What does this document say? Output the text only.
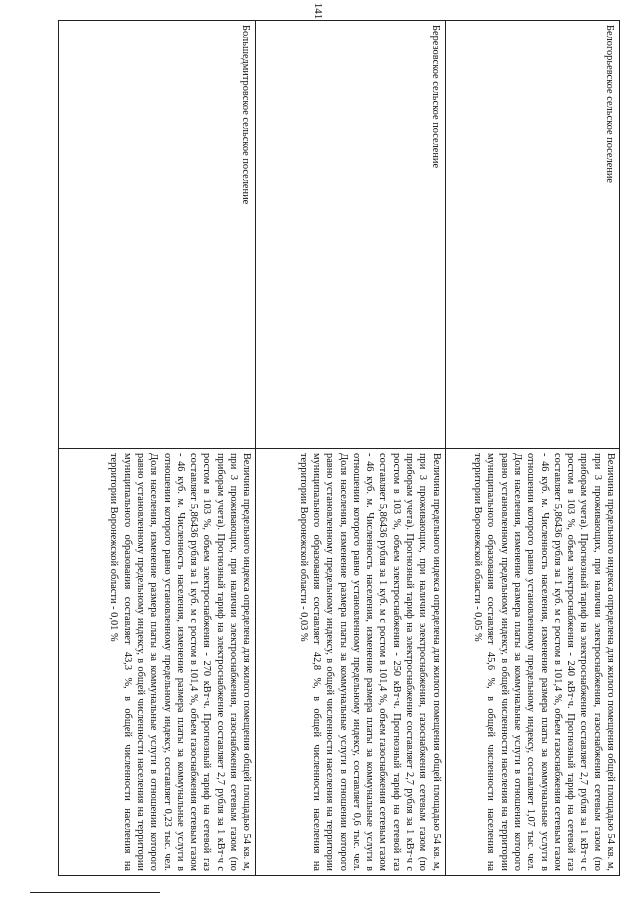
141
Белогорьевское сельское поселение
Величина предельного индекса определена для жилого помещения общей площадью 54 кв. м, при 3 проживающих, при наличии электроснабжения, газоснабжения сетевым газом (по приборам учета). Прогнозный тариф на электроснабжение составляет 2,7 рубля за 1 кВт·ч с ростом в 103 %, объем электроснабжения - 240 кВт·ч. Прогнозный тариф на сетевой газ составляет 5,86436 рубля за 1 куб. м с ростом в 101,4 %, объем газоснабжения сетевым газом - 46 куб. м. Численность населения, изменение размера платы за коммунальные услуги в отношении которого равно установленному предельному индексу, составляет 1,07 тыс. чел. Доля населения, изменение размера платы за коммунальные услуги в отношении которого равно установленному предельному индексу, в общей численности населения на территории муниципального образования составляет 45,6 %, в общей численности населения на территории Воронежской области - 0,05 %
Березовское сельское поселение
Величина предельного индекса определена для жилого помещения общей площадью 54 кв. м, при 3 проживающих, при наличии электроснабжения, газоснабжения сетевым газом (по приборам учета). Прогнозный тариф на электроснабжение составляет 2,7 рубля за 1 кВт·ч с ростом в 103 %, объем электроснабжения - 250 кВт·ч. Прогнозный тариф на сетевой газ составляет 5,86436 рубля за 1 куб. м с ростом в 101,4 %, объем газоснабжения сетевым газом - 46 куб. м. Численность населения, изменение размера платы за коммунальные услуги в отношении которого равно установленному предельному индексу, составляет 0,6 тыс. чел. Доля населения, изменение размера платы за коммунальные услуги в отношении которого равно установленному предельному индексу, в общей численности населения на территории муниципального образования составляет 42,8 %, в общей численности населения на территории Воронежской области - 0,03 %
Большедмитровское сельское поселение
Величина предельного индекса определена для жилого помещения общей площадью 54 кв. м, при 3 проживающих, при наличии электроснабжения, газоснабжения сетевым газом (по приборам учета). Прогнозный тариф на электроснабжение составляет 2,7 рубля за 1 кВт·ч с ростом в 103 %, объем электроснабжения - 270 кВт·ч. Прогнозный тариф на сетевой газ составляет 5,86436 рубля за 1 куб. м с ростом в 101,4 %, объем газоснабжения сетевым газом - 46 куб. м. Численность населения, изменение размера платы за коммунальные услуги в отношении которого равно установленному предельному индексу, составляет 0,23 тыс. чел. Доля населения, изменение размера платы за коммунальные услуги в отношении которого равно установленному предельному индексу, в общей численности населения на территории муниципального образования составляет 43,3 %, в общей численности населения на территории Воронежской области - 0,01 %
